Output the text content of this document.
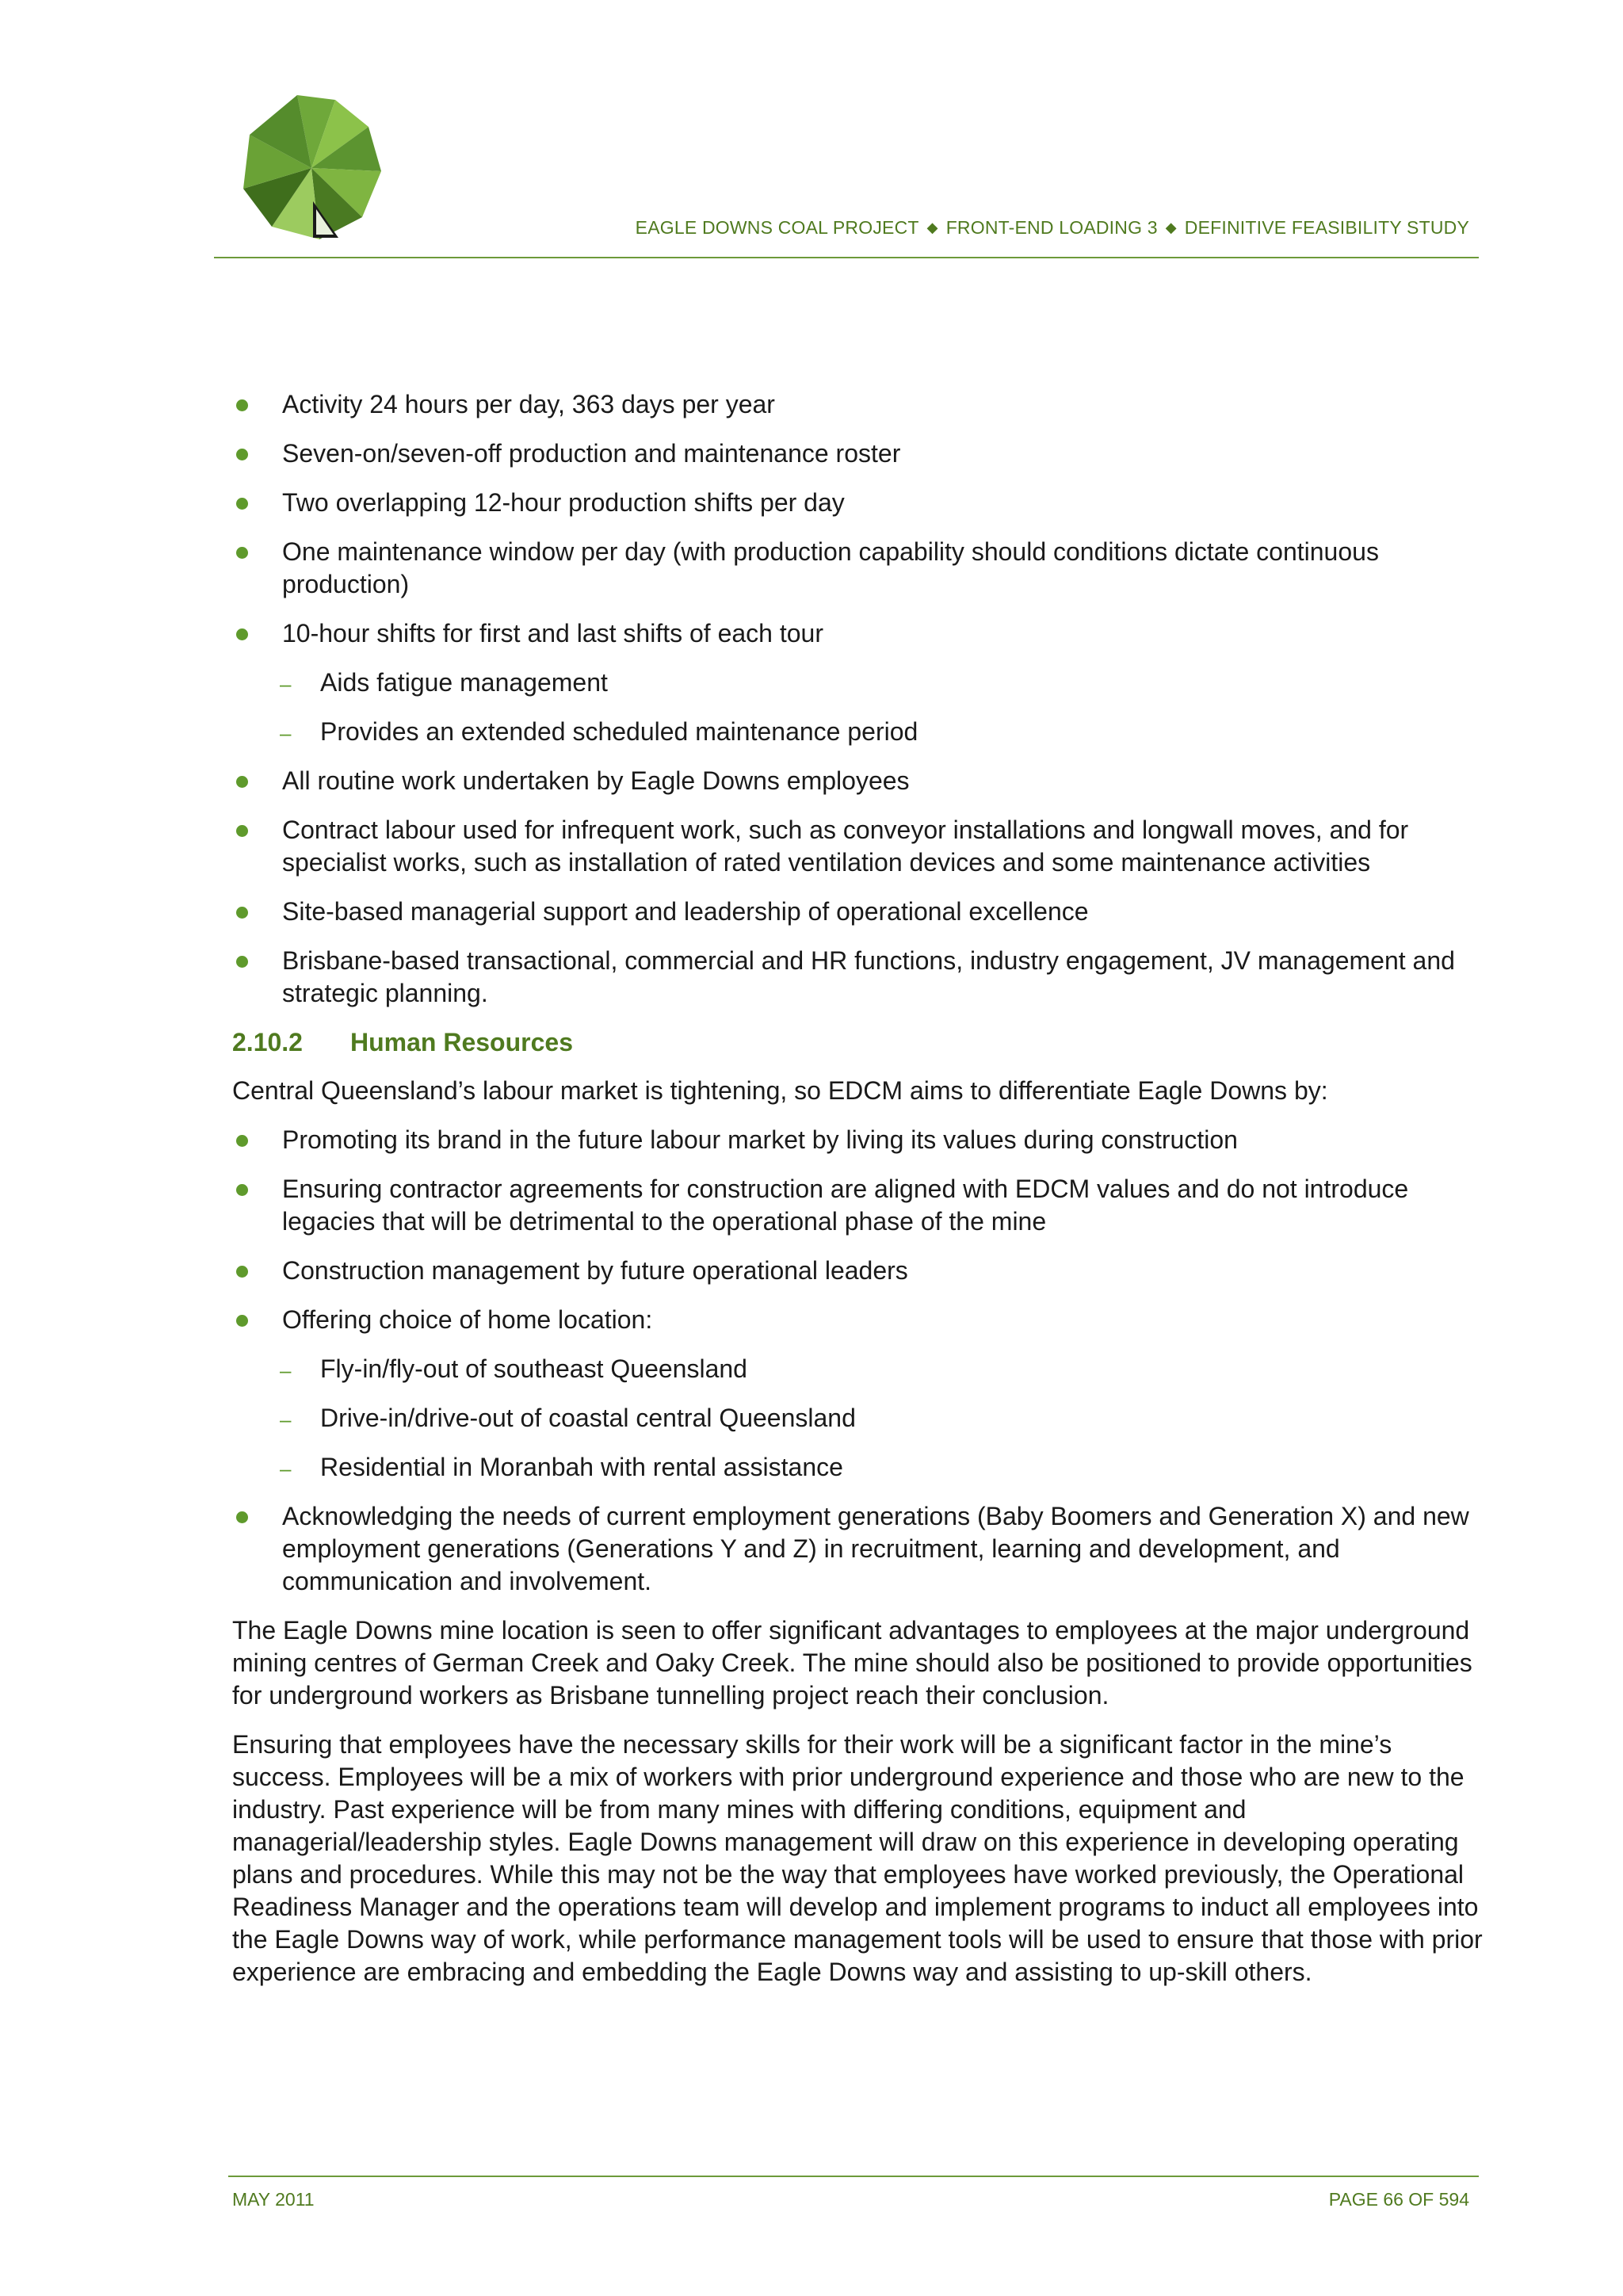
EAGLE DOWNS COAL PROJECT ◆ FRONT-END LOADING 3 ◆ DEFINITIVE FEASIBILITY STUDY
Activity 24 hours per day, 363 days per year
Seven-on/seven-off production and maintenance roster
Two overlapping 12-hour production shifts per day
One maintenance window per day (with production capability should conditions dictate continuous production)
10-hour shifts for first and last shifts of each tour
– Aids fatigue management
– Provides an extended scheduled maintenance period
All routine work undertaken by Eagle Downs employees
Contract labour used for infrequent work, such as conveyor installations and longwall moves, and for specialist works, such as installation of rated ventilation devices and some maintenance activities
Site-based managerial support and leadership of operational excellence
Brisbane-based transactional, commercial and HR functions, industry engagement, JV management and strategic planning.
2.10.2 Human Resources

Central Queensland’s labour market is tightening, so EDCM aims to differentiate Eagle Downs by:

Promoting its brand in the future labour market by living its values during construction
Ensuring contractor agreements for construction are aligned with EDCM values and do not introduce legacies that will be detrimental to the operational phase of the mine
Construction management by future operational leaders
Offering choice of home location:
– Fly-in/fly-out of southeast Queensland
– Drive-in/drive-out of coastal central Queensland
– Residential in Moranbah with rental assistance
Acknowledging the needs of current employment generations (Baby Boomers and Generation X) and new employment generations (Generations Y and Z) in recruitment, learning and development, and communication and involvement.

The Eagle Downs mine location is seen to offer significant advantages to employees at the major underground mining centres of German Creek and Oaky Creek. The mine should also be positioned to provide opportunities for underground workers as Brisbane tunnelling project reach their conclusion.

Ensuring that employees have the necessary skills for their work will be a significant factor in the mine’s success. Employees will be a mix of workers with prior underground experience and those who are new to the industry. Past experience will be from many mines with differing conditions, equipment and managerial/leadership styles. Eagle Downs management will draw on this experience in developing operating plans and procedures. While this may not be the way that employees have worked previously, the Operational Readiness Manager and the operations team will develop and implement programs to induct all employees into the Eagle Downs way of work, while performance management tools will be used to ensure that those with prior experience are embracing and embedding the Eagle Downs way and assisting to up-skill others.

MAY 2011	PAGE 66 OF 594
